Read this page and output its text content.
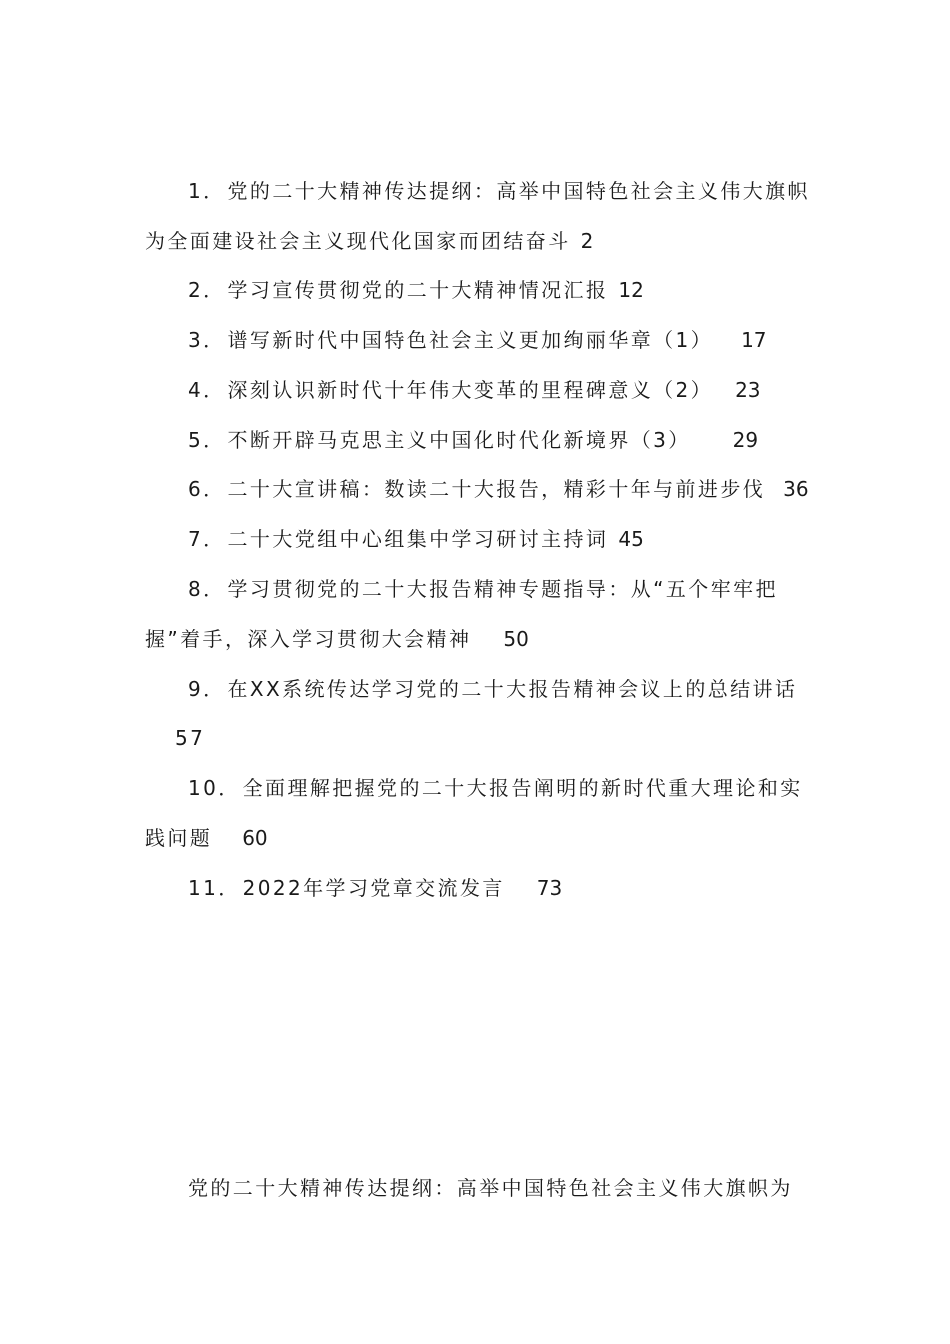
1． 党的二十大精神传达提纲：高举中国特色社会主义伟大旗帜
为全面建设社会主义现代化国家而团结奋斗 2
2． 学习宣传贯彻党的二十大精神情况汇报 12
3． 谱写新时代中国特色社会主义更加绚丽华章（1） 17
4． 深刻认识新时代十年伟大变革的里程碑意义（2） 23
5． 不断开辟马克思主义中国化时代化新境界（3） 29
6． 二十大宣讲稿：数读二十大报告，精彩十年与前进步伐 36
7． 二十大党组中心组集中学习研讨主持词 45
8． 学习贯彻党的二十大报告精神专题指导：从“五个牢牢把
握”着手，深入学习贯彻大会精神 50
9． 在XX系统传达学习党的二十大报告精神会议上的总结讲话
57
10． 全面理解把握党的二十大报告阐明的新时代重大理论和实
践问题 60
11． 2022年学习党章交流发言 73
党的二十大精神传达提纲：高举中国特色社会主义伟大旗帜为
